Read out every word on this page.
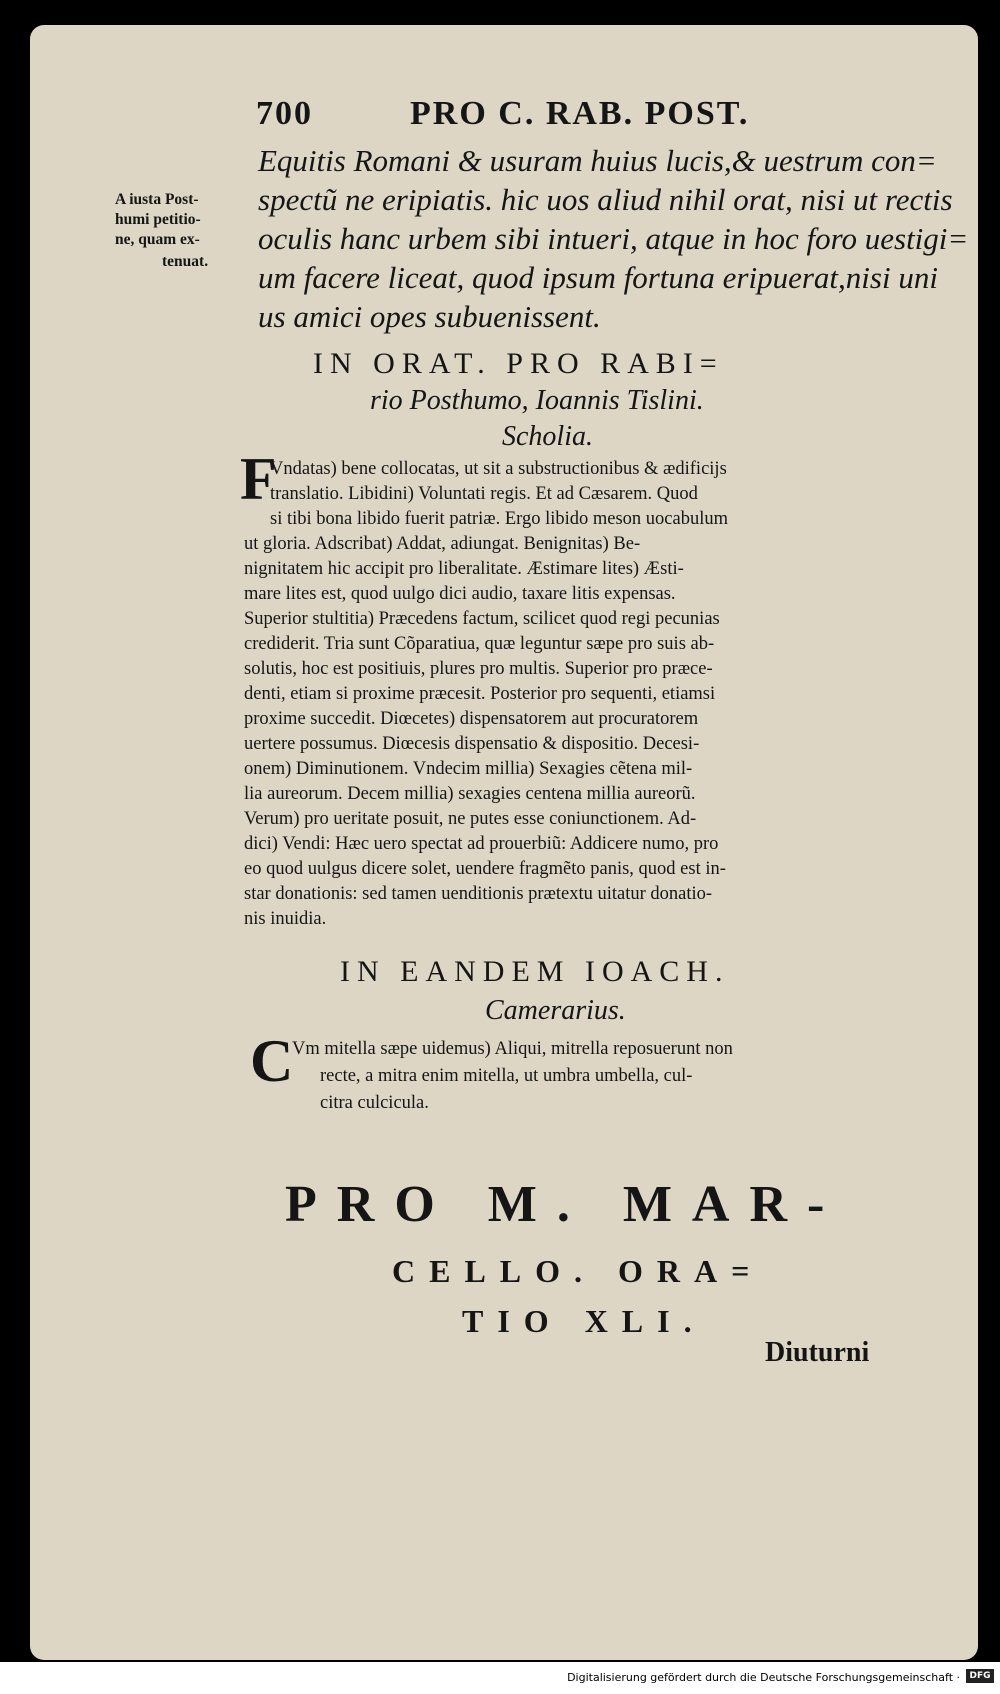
700	PRO C. RAB. POST.
Equitis Romani & usuram huius lucis,& uestrum con=
spectũ ne eripiatis. hic uos aliud nihil orat, nisi ut rectis
oculis hanc urbem sibi intueri, atque in hoc foro uestigi=
um facere liceat, quod ipsum fortuna eripuerat,nisi uni
us amici opes subuenissent.
A iusta Post‑
humi petitio‑
ne, quam ex‑
tenuat.
IN ORAT. PRO RABI=
rio Posthumo, Ioannis Tislini.
Scholia.
F
Vndatas) bene collocatas, ut sit a substructionibus & ædificijs
translatio. Libidini) Voluntati regis. Et ad Cæsarem. Quod
si tibi bona libido fuerit patriæ. Ergo libido meson uocabulum
ut gloria. Adscribat) Addat, adiungat. Benignitas) Be‑
nignitatem hic accipit pro liberalitate. Æstimare lites) Æsti‑
mare lites est, quod uulgo dici audio, taxare litis expensas.
Superior stultitia) Præcedens factum, scilicet quod regi pecunias
crediderit. Tria sunt Cõparatiua, quæ leguntur sæpe pro suis ab‑
solutis, hoc est positiuis, plures pro multis. Superior pro præce‑
denti, etiam si proxime præcesit. Posterior pro sequenti, etiamsi
proxime succedit. Diœcetes) dispensatorem aut procuratorem
uertere possumus. Diœcesis dispensatio & dispositio. Decesi‑
onem) Diminutionem. Vndecim millia) Sexagies cẽtena mil‑
lia aureorum. Decem millia) sexagies centena millia aureorũ.
Verum) pro ueritate posuit, ne putes esse coniunctionem. Ad‑
dici) Vendi: Hæc uero spectat ad prouerbiũ: Addicere numo, pro
eo quod uulgus dicere solet, uendere fragmẽto panis, quod est in‑
star donationis: sed tamen uenditionis prætextu uitatur donatio‑
nis inuidia.
IN EANDEM IOACH.
Camerarius.
C
Vm mitella sæpe uidemus) Aliqui, mitrella reposuerunt non
recte, a mitra enim mitella, ut umbra umbella, cul‑
citra culcicula.
PRO M. MAR‑
CELLO. ORA=
TIO XLI.
Diuturni
Digitalisierung gefördert durch die Deutsche Forschungsgemeinschaft ·	DFG
